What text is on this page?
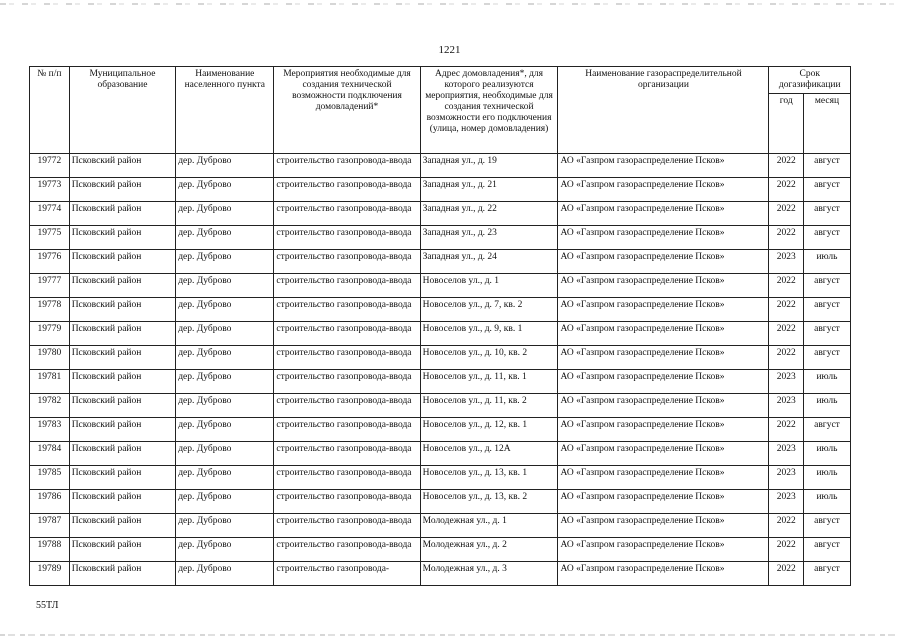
1221
№ п/п	Муниципальное образование	Наименование населенного пункта	Мероприятия необходимые для создания технической возможности подключения домовладений*	Адрес домовладения*, для которого реализуются мероприятия, необходимые для создания технической возможности его подключения (улица, номер домовладения)	Наименование газораспределительной организации	Срок догазификации	
						год	месяц
19772	Псковский район	дер. Дуброво	строительство газопровода-ввода	Западная ул., д. 19	АО «Газпром газораспределение Псков»	2022	август
19773	Псковский район	дер. Дуброво	строительство газопровода-ввода	Западная ул., д. 21	АО «Газпром газораспределение Псков»	2022	август
19774	Псковский район	дер. Дуброво	строительство газопровода-ввода	Западная ул., д. 22	АО «Газпром газораспределение Псков»	2022	август
19775	Псковский район	дер. Дуброво	строительство газопровода-ввода	Западная ул., д. 23	АО «Газпром газораспределение Псков»	2022	август
19776	Псковский район	дер. Дуброво	строительство газопровода-ввода	Западная ул., д. 24	АО «Газпром газораспределение Псков»	2023	июль
19777	Псковский район	дер. Дуброво	строительство газопровода-ввода	Новоселов ул., д. 1	АО «Газпром газораспределение Псков»	2022	август
19778	Псковский район	дер. Дуброво	строительство газопровода-ввода	Новоселов ул., д. 7, кв. 2	АО «Газпром газораспределение Псков»	2022	август
19779	Псковский район	дер. Дуброво	строительство газопровода-ввода	Новоселов ул., д. 9, кв. 1	АО «Газпром газораспределение Псков»	2022	август
19780	Псковский район	дер. Дуброво	строительство газопровода-ввода	Новоселов ул., д. 10, кв. 2	АО «Газпром газораспределение Псков»	2022	август
19781	Псковский район	дер. Дуброво	строительство газопровода-ввода	Новоселов ул., д. 11, кв. 1	АО «Газпром газораспределение Псков»	2023	июль
19782	Псковский район	дер. Дуброво	строительство газопровода-ввода	Новоселов ул., д. 11, кв. 2	АО «Газпром газораспределение Псков»	2023	июль
19783	Псковский район	дер. Дуброво	строительство газопровода-ввода	Новоселов ул., д. 12, кв. 1	АО «Газпром газораспределение Псков»	2022	август
19784	Псковский район	дер. Дуброво	строительство газопровода-ввода	Новоселов ул., д. 12А	АО «Газпром газораспределение Псков»	2023	июль
19785	Псковский район	дер. Дуброво	строительство газопровода-ввода	Новоселов ул., д. 13, кв. 1	АО «Газпром газораспределение Псков»	2023	июль
19786	Псковский район	дер. Дуброво	строительство газопровода-ввода	Новоселов ул., д. 13, кв. 2	АО «Газпром газораспределение Псков»	2023	июль
19787	Псковский район	дер. Дуброво	строительство газопровода-ввода	Молодежная ул., д. 1	АО «Газпром газораспределение Псков»	2022	август
19788	Псковский район	дер. Дуброво	строительство газопровода-ввода	Молодежная ул., д. 2	АО «Газпром газораспределение Псков»	2022	август
19789	Псковский район	дер. Дуброво	строительство газопровода-	Молодежная ул., д. 3	АО «Газпром газораспределение Псков»	2022	август
55ТЛ
